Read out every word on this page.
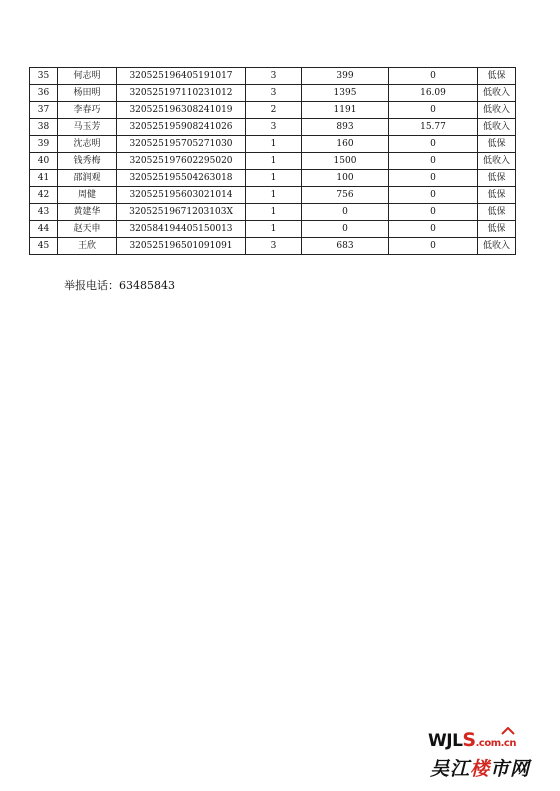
35	何志明	320525196405191017	3	399	0	低保
36	杨田明	320525197110231012	3	1395	16.09	低收入
37	李春巧	320525196308241019	2	1191	0	低收入
38	马玉芳	320525195908241026	3	893	15.77	低收入
39	沈志明	320525195705271030	1	160	0	低保
40	钱秀梅	320525197602295020	1	1500	0	低收入
41	邵润观	320525195504263018	1	100	0	低保
42	周健	320525195603021014	1	756	0	低保
43	黄建华	32052519671203103X	1	0	0	低保
44	赵天申	320584194405150013	1	0	0	低保
45	王欣	320525196501091091	3	683	0	低收入
举报电话：63485843
WJLS.com.cn
吴江楼市网
